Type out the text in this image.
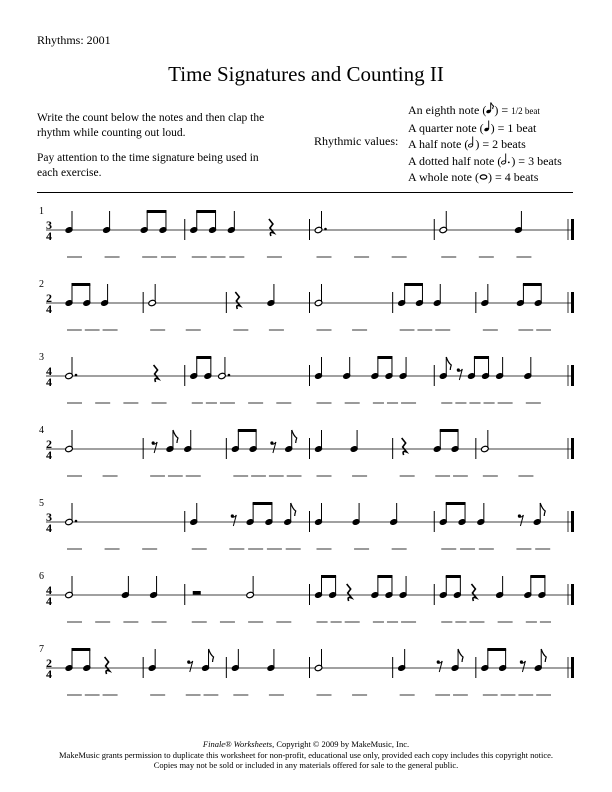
Rhythms: 2001
Time Signatures and Counting II

Write the count below the notes and then clap the rhythm while counting out loud.

Pay attention to the time signature being used in each exercise.

Rhythmic values:
An eighth note ( ) = 1/2 beat
A quarter note ( ) = 1 beat
A half note ( ) = 2 beats
A dotted half note ( ) = 3 beats
A whole note ( ) = 4 beats
1
3
4
2
2
4
3
4
4
4
2
4
5
3
4
6
4
4
7
2
4
Finale® Worksheets, Copyright © 2009 by MakeMusic, Inc.
MakeMusic grants permission to duplicate this worksheet for non-profit, educational use only, provided each copy includes this copyright notice.
Copies may not be sold or included in any materials offered for sale to the general public.
